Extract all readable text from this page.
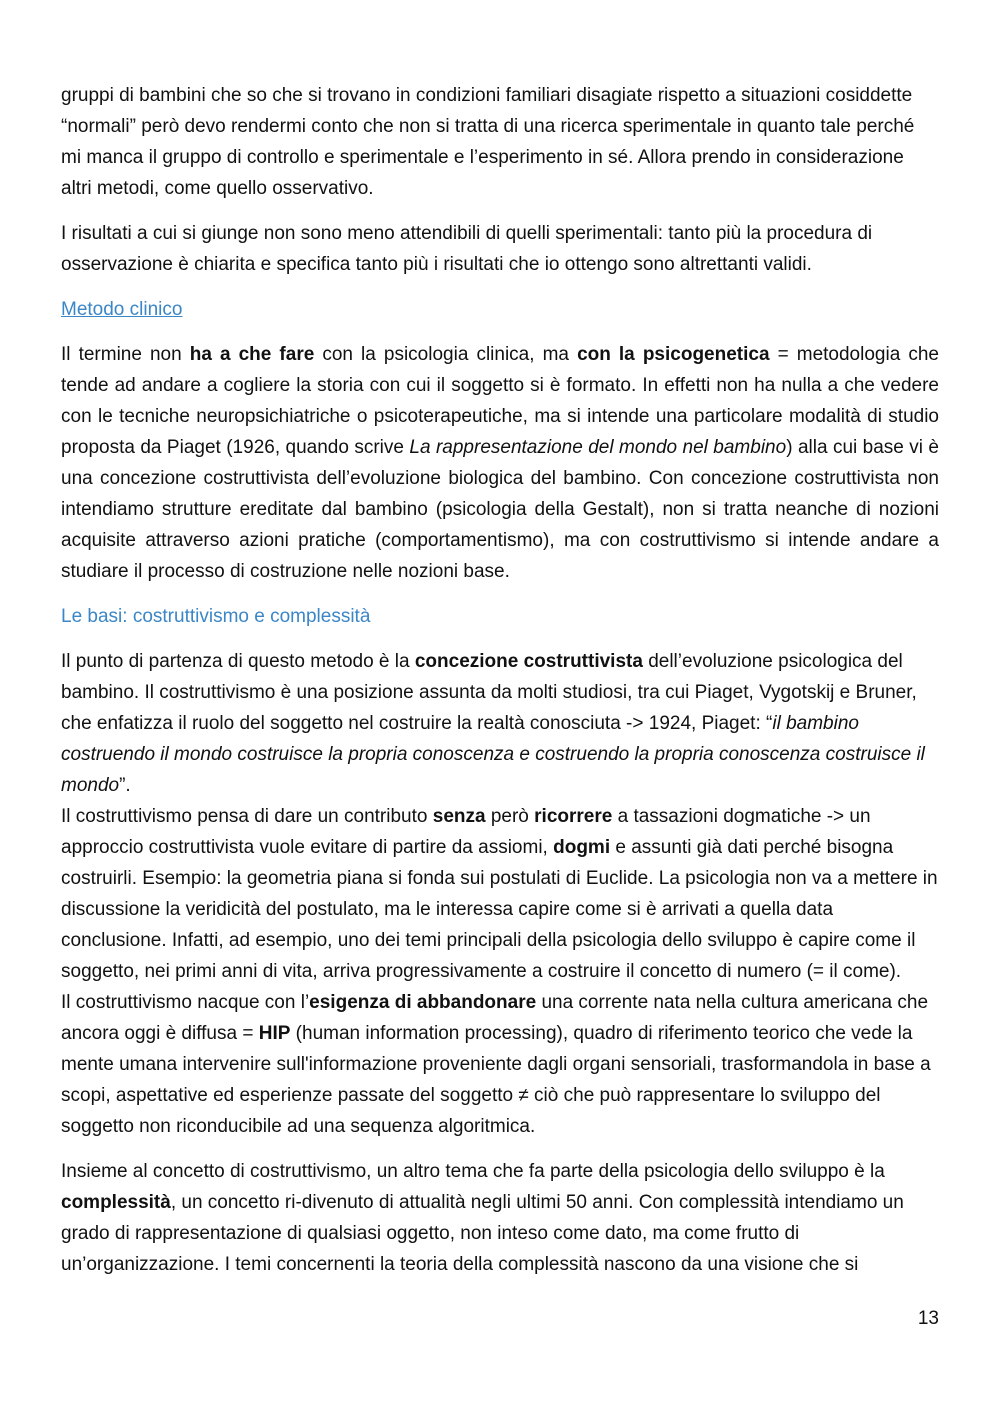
gruppi di bambini che so che si trovano in condizioni familiari disagiate rispetto a situazioni cosiddette “normali” però devo rendermi conto che non si tratta di una ricerca sperimentale in quanto tale perché mi manca il gruppo di controllo e sperimentale e l’esperimento in sé. Allora prendo in considerazione altri metodi, come quello osservativo.

I risultati a cui si giunge non sono meno attendibili di quelli sperimentali: tanto più la procedura di osservazione è chiarita e specifica tanto più i risultati che io ottengo sono altrettanti validi.

Metodo clinico

Il termine non ha a che fare con la psicologia clinica, ma con la psicogenetica = metodologia che tende ad andare a cogliere la storia con cui il soggetto si è formato. In effetti non ha nulla a che vedere con le tecniche neuropsichiatriche o psicoterapeutiche, ma si intende una particolare modalità di studio proposta da Piaget (1926, quando scrive La rappresentazione del mondo nel bambino) alla cui base vi è una concezione costruttivista dell’evoluzione biologica del bambino. Con concezione costruttivista non intendiamo strutture ereditate dal bambino (psicologia della Gestalt), non si tratta neanche di nozioni acquisite attraverso azioni pratiche (comportamentismo), ma con costruttivismo si intende andare a studiare il processo di costruzione nelle nozioni base.

Le basi: costruttivismo e complessità

Il punto di partenza di questo metodo è la concezione costruttivista dell’evoluzione psicologica del bambino. Il costruttivismo è una posizione assunta da molti studiosi, tra cui Piaget, Vygotskij e Bruner, che enfatizza il ruolo del soggetto nel costruire la realtà conosciuta -> 1924, Piaget: “il bambino costruendo il mondo costruisce la propria conoscenza e costruendo la propria conoscenza costruisce il mondo”.

Il costruttivismo pensa di dare un contributo senza però ricorrere a tassazioni dogmatiche -> un approccio costruttivista vuole evitare di partire da assiomi, dogmi e assunti già dati perché bisogna costruirli. Esempio: la geometria piana si fonda sui postulati di Euclide. La psicologia non va a mettere in discussione la veridicità del postulato, ma le interessa capire come si è arrivati a quella data conclusione. Infatti, ad esempio, uno dei temi principali della psicologia dello sviluppo è capire come il soggetto, nei primi anni di vita, arriva progressivamente a costruire il concetto di numero (= il come).

Il costruttivismo nacque con l’esigenza di abbandonare una corrente nata nella cultura americana che ancora oggi è diffusa = HIP (human information processing), quadro di riferimento teorico che vede la mente umana intervenire sull'informazione proveniente dagli organi sensoriali, trasformandola in base a scopi, aspettative ed esperienze passate del soggetto ≠ ciò che può rappresentare lo sviluppo del soggetto non riconducibile ad una sequenza algoritmica.

Insieme al concetto di costruttivismo, un altro tema che fa parte della psicologia dello sviluppo è la complessità, un concetto ri-divenuto di attualità negli ultimi 50 anni. Con complessità intendiamo un grado di rappresentazione di qualsiasi oggetto, non inteso come dato, ma come frutto di un’organizzazione. I temi concernenti la teoria della complessità nascono da una visione che si

13
